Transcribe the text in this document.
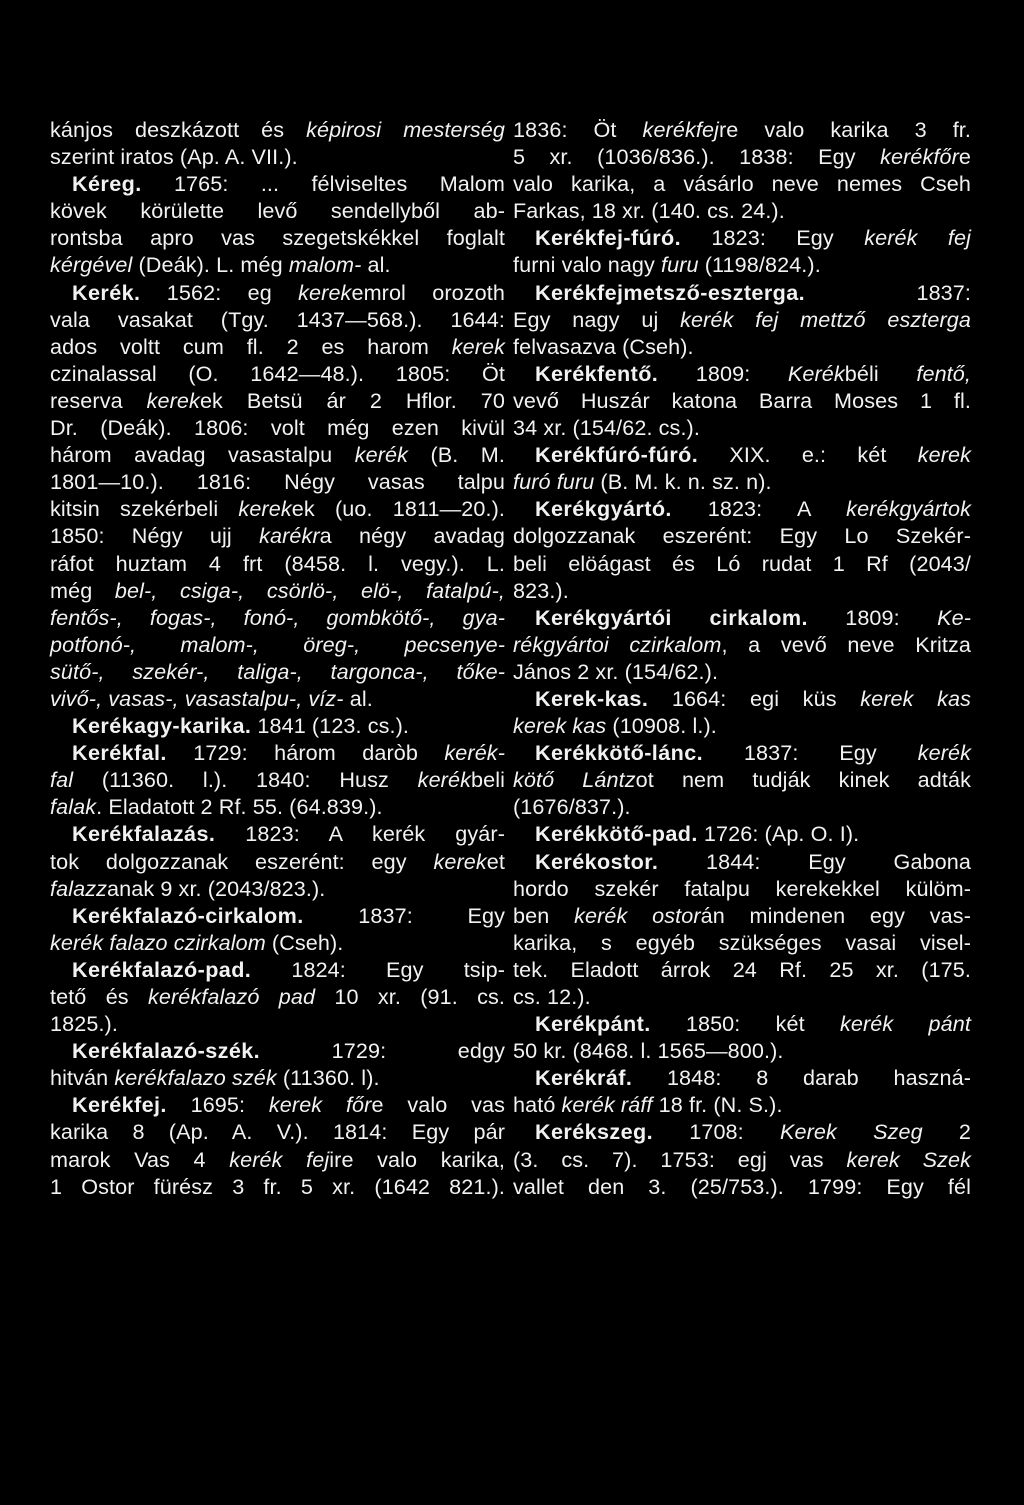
kánjos deszkázott és képirosi mesterség
szerint iratos (Ap. A. VII.).
Kéreg. 1765: ... félviseltes Malom
kövek körülette levő sendellyből ab-
rontsba apro vas szegetskékkel foglalt
kérgével (Deák). L. még malom- al.
Kerék. 1562: eg kerekemrol orozoth
vala vasakat (Tgy. 1437—568.). 1644:
ados voltt cum fl. 2 es harom kerek
czinalassal (O. 1642—48.). 1805: Öt
reserva kerekek Betsü ár 2 Hflor. 70
Dr. (Deák). 1806: volt még ezen kivül
három avadag vasastalpu kerék (B. M.
1801—10.). 1816: Négy vasas talpu
kitsin szekérbeli kerekek (uo. 1811—20.).
1850: Négy ujj karékra négy avadag
ráfot huztam 4 frt (8458. l. vegy.). L.
még bel-, csiga-, csörlö-, elö-, fatalpú-,
fentős-, fogas-, fonó-, gombkötő-, gya-
potfonó-, malom-, öreg-, pecsenye-
sütő-, szekér-, taliga-, targonca-, tőke-
vivő-, vasas-, vasastalpu-, víz- al.
Kerékagy-karika. 1841 (123. cs.).
Kerékfal. 1729: három daròb kerék-
fal (11360. l.). 1840: Husz kerékbeli
falak. Eladatott 2 Rf. 55. (64.839.).
Kerékfalazás. 1823: A kerék gyár-
tok dolgozzanak eszerént: egy kereket
falazzanak 9 xr. (2043/823.).
Kerékfalazó-cirkalom. 1837: Egy
kerék falazo czirkalom (Cseh).
Kerékfalazó-pad. 1824: Egy tsip-
tető és kerékfalazó pad 10 xr. (91. cs.
1825.).
Kerékfalazó-szék. 1729: edgy
hitván kerékfalazo szék (11360. l).
Kerékfej. 1695: kerek főre valo vas
karika 8 (Ap. A. V.). 1814: Egy pár
marok Vas 4 kerék fejire valo karika,
1 Ostor fürész 3 fr. 5 xr. (1642 821.).
1836: Öt kerékfejre valo karika 3 fr.
5 xr. (1036/836.). 1838: Egy kerékfőre
valo karika, a vásárlo neve nemes Cseh
Farkas, 18 xr. (140. cs. 24.).
Kerékfej-fúró. 1823: Egy kerék fej
furni valo nagy furu (1198/824.).
Kerékfejmetsző-eszterga. 1837:
Egy nagy uj kerék fej mettző eszterga
felvasazva (Cseh).
Kerékfentő. 1809: Kerékbéli fentő,
vevő Huszár katona Barra Moses 1 fl.
34 xr. (154/62. cs.).
Kerékfúró-fúró. XIX. e.: két kerek
furó furu (B. M. k. n. sz. n).
Kerékgyártó. 1823: A kerékgyártok
dolgozzanak eszerént: Egy Lo Szekér-
beli elöágast és Ló rudat 1 Rf (2043/
823.).
Kerékgyártói cirkalom. 1809: Ke-
rékgyártoi czirkalom, a vevő neve Kritza
János 2 xr. (154/62.).
Kerek-kas. 1664: egi küs kerek kas
kerek kas (10908. l.).
Kerékkötő-lánc. 1837: Egy kerék
kötő Lántzot nem tudják kinek adták
(1676/837.).
Kerékkötő-pad. 1726: (Ap. O. I).
Kerékostor. 1844: Egy Gabona
hordo szekér fatalpu kerekekkel külöm-
ben kerék ostorán mindenen egy vas-
karika, s egyéb szükséges vasai visel-
tek. Eladott árrok 24 Rf. 25 xr. (175.
cs. 12.).
Kerékpánt. 1850: két kerék pánt
50 kr. (8468. l. 1565—800.).
Kerékráf. 1848: 8 darab haszná-
ható kerék ráff 18 fr. (N. S.).
Kerékszeg. 1708: Kerek Szeg 2
(3. cs. 7). 1753: egj vas kerek Szek
vallet den 3. (25/753.). 1799: Egy fél
